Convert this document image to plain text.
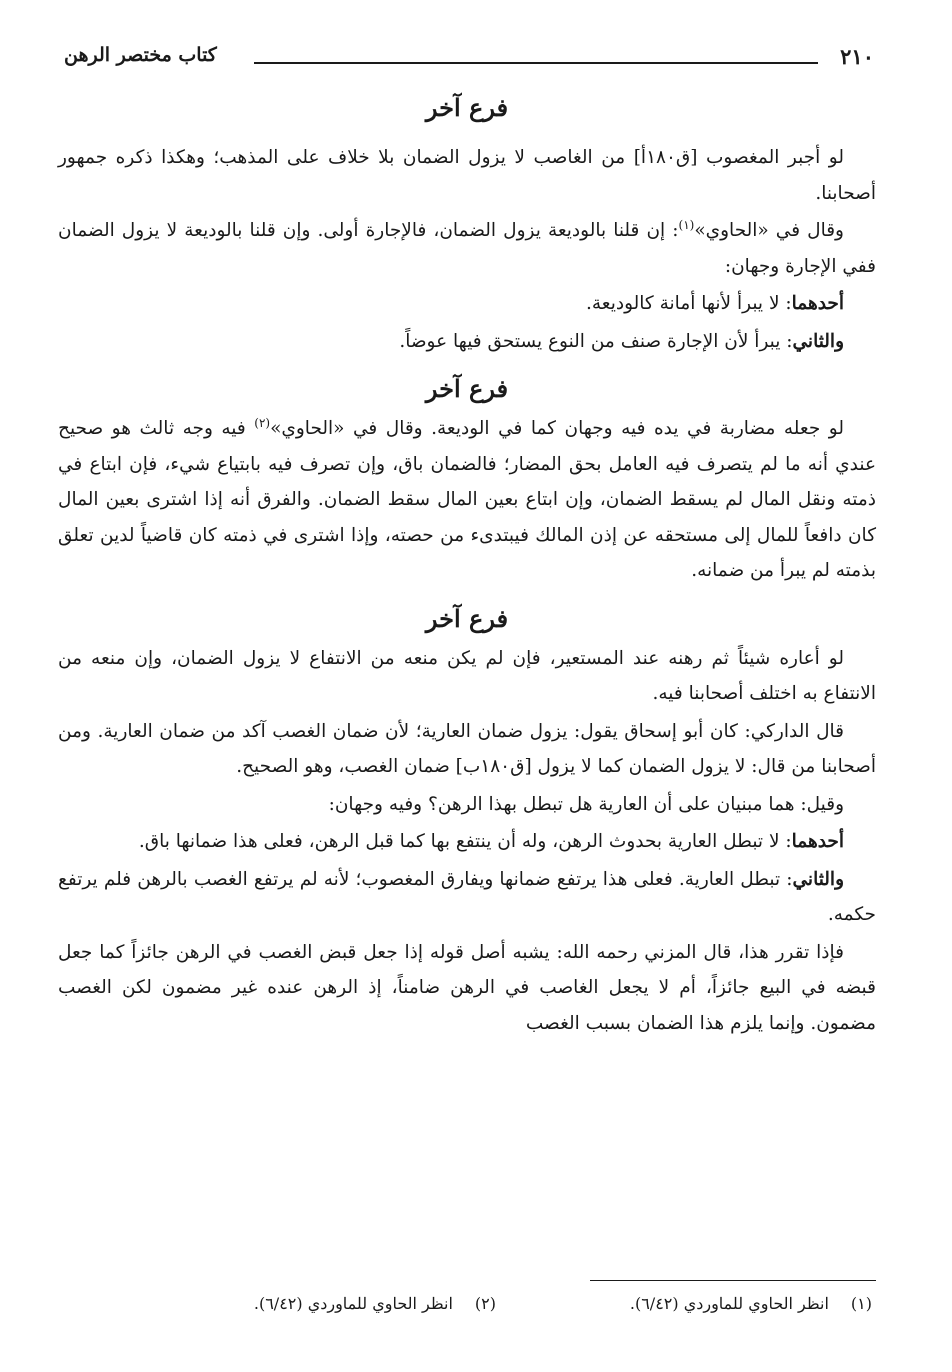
٢١٠
كتاب مختصر الرهن
فرع آخر

لو أجبر المغصوب [ق١٨٠أ] من الغاصب لا يزول الضمان بلا خلاف على المذهب؛ وهكذا ذكره جمهور أصحابنا.

وقال في «الحاوي»$^{(١)}$: إن قلنا بالوديعة يزول الضمان، فالإجارة أولى. وإن قلنا بالوديعة لا يزول الضمان ففي الإجارة وجهان:

أحدهما: لا يبرأ لأنها أمانة كالوديعة.

والثاني: يبرأ لأن الإجارة صنف من النوع يستحق فيها عوضاً.

فرع آخر

لو جعله مضاربة في يده فيه وجهان كما في الوديعة. وقال في «الحاوي»$^{(٢)}$ فيه وجه ثالث هو صحيح عندي أنه ما لم يتصرف فيه العامل بحق المضار؛ فالضمان باق، وإن تصرف فيه بابتياع شيء، فإن ابتاع في ذمته ونقل المال لم يسقط الضمان، وإن ابتاع بعين المال سقط الضمان. والفرق أنه إذا اشترى بعين المال كان دافعاً للمال إلى مستحقه عن إذن المالك فيبتدىء من حصته، وإذا اشترى في ذمته كان قاضياً لدين تعلق بذمته لم يبرأ من ضمانه.

فرع آخر

لو أعاره شيئاً ثم رهنه عند المستعير، فإن لم يكن منعه من الانتفاع لا يزول الضمان، وإن منعه من الانتفاع به اختلف أصحابنا فيه.

قال الداركي: كان أبو إسحاق يقول: يزول ضمان العارية؛ لأن ضمان الغصب آكد من ضمان العارية. ومن أصحابنا من قال: لا يزول الضمان كما لا يزول [ق١٨٠ب] ضمان الغصب، وهو الصحيح.

وقيل: هما مبنيان على أن العارية هل تبطل بهذا الرهن؟ وفيه وجهان:

أحدهما: لا تبطل العارية بحدوث الرهن، وله أن ينتفع بها كما قبل الرهن، فعلى هذا ضمانها باق.

والثاني: تبطل العارية. فعلى هذا يرتفع ضمانها ويفارق المغصوب؛ لأنه لم يرتفع الغصب بالرهن فلم يرتفع حكمه.

فإذا تقرر هذا، قال المزني رحمه الله: يشبه أصل قوله إذا جعل قبض الغصب في الرهن جائزاً كما جعل قبضه في البيع جائزاً، أم لا يجعل الغاصب في الرهن ضامناً، إذ الرهن عنده غير مضمون لكن الغصب مضمون. وإنما يلزم هذا الضمان بسبب الغصب

(١)انظر الحاوي للماوردي (٦/٤٢).
(٢)انظر الحاوي للماوردي (٦/٤٢).
